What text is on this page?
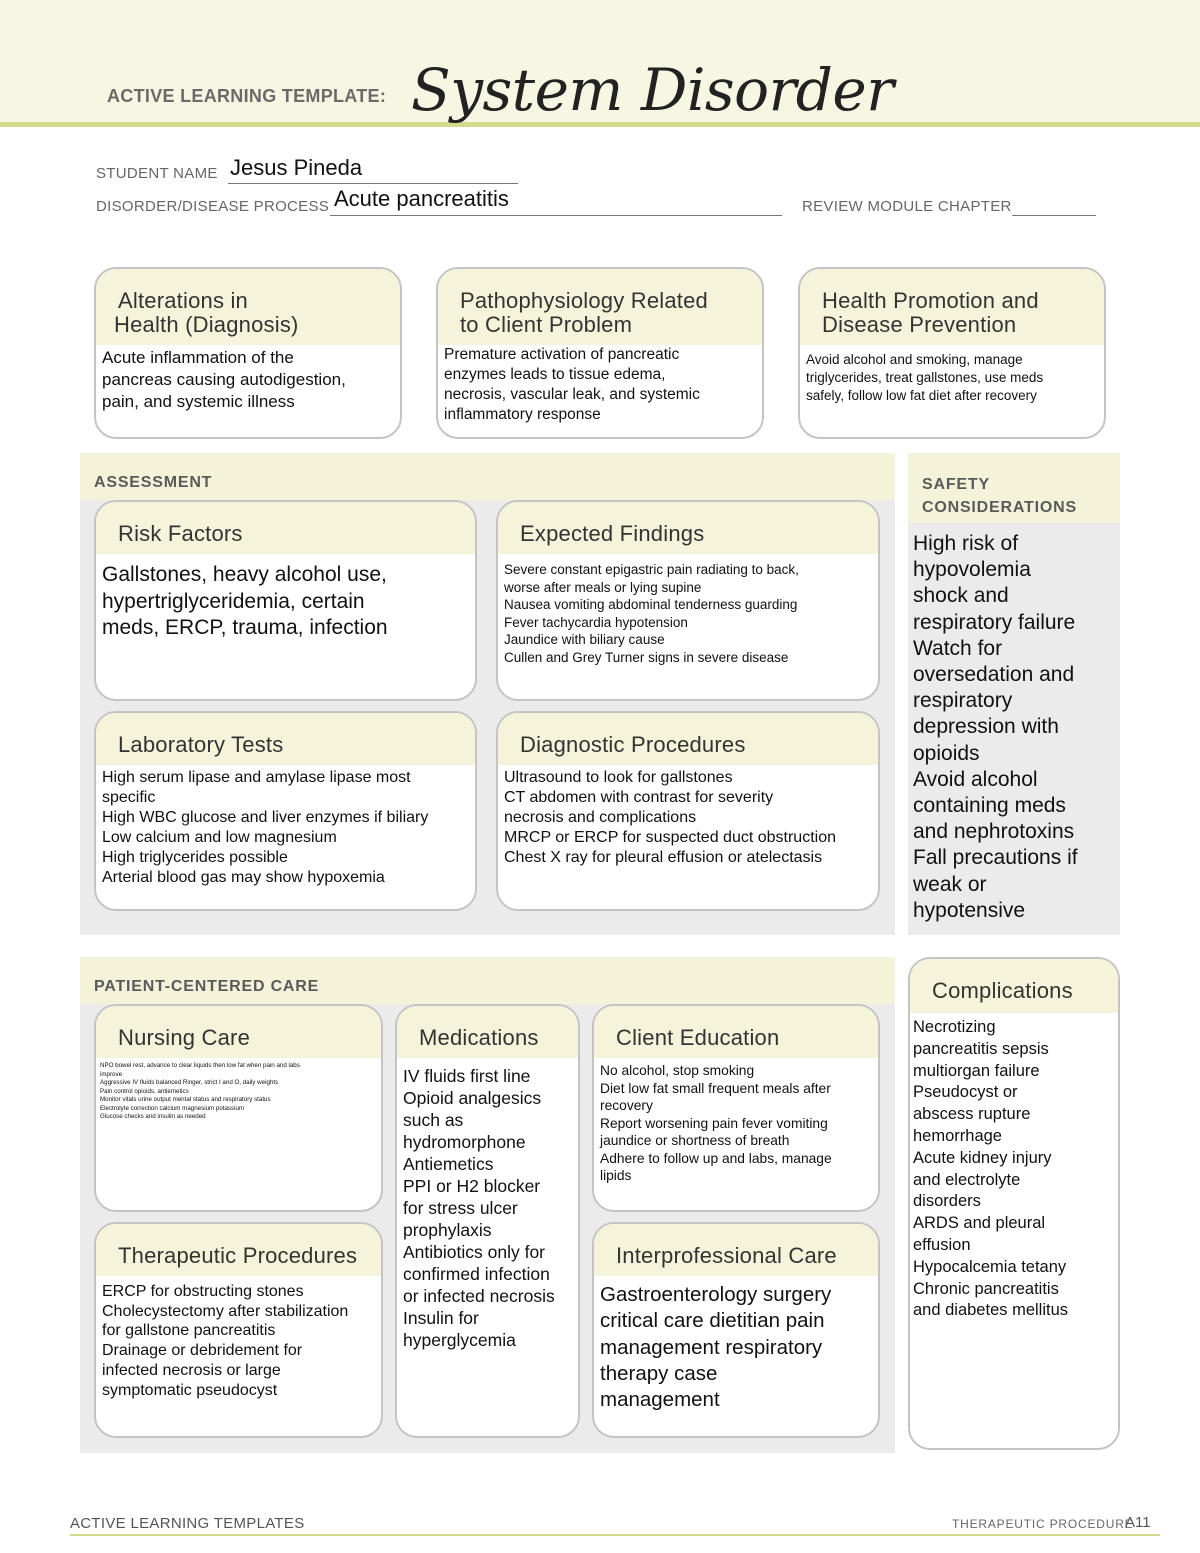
ACTIVE LEARNING TEMPLATE: System Disorder
STUDENT NAME Jesus Pineda
DISORDER/DISEASE PROCESS Acute pancreatitis	REVIEW MODULE CHAPTER
Alterations in
Health (Diagnosis)
Acute inflammation of the
pancreas causing autodigestion,
pain, and systemic illness
Pathophysiology Related
to Client Problem
Premature activation of pancreatic
enzymes leads to tissue edema,
necrosis, vascular leak, and systemic
inflammatory response
Health Promotion and
Disease Prevention
Avoid alcohol and smoking, manage
triglycerides, treat gallstones, use meds
safely, follow low fat diet after recovery
ASSESSMENT
Risk Factors
Gallstones, heavy alcohol use,
hypertriglyceridemia, certain
meds, ERCP, trauma, infection
Expected Findings
Severe constant epigastric pain radiating to back,
worse after meals or lying supine
Nausea vomiting abdominal tenderness guarding
Fever tachycardia hypotension
Jaundice with biliary cause
Cullen and Grey Turner signs in severe disease
Laboratory Tests
High serum lipase and amylase lipase most
specific
High WBC glucose and liver enzymes if biliary
Low calcium and low magnesium
High triglycerides possible
Arterial blood gas may show hypoxemia
Diagnostic Procedures
Ultrasound to look for gallstones
CT abdomen with contrast for severity
necrosis and complications
MRCP or ERCP for suspected duct obstruction
Chest X ray for pleural effusion or atelectasis
SAFETY
CONSIDERATIONS
High risk of
hypovolemia
shock and
respiratory failure
Watch for
oversedation and
respiratory
depression with
opioids
Avoid alcohol
containing meds
and nephrotoxins
Fall precautions if
weak or
hypotensive
Complications
Necrotizing
pancreatitis sepsis
multiorgan failure
Pseudocyst or
abscess rupture
hemorrhage
Acute kidney injury
and electrolyte
disorders
ARDS and pleural
effusion
Hypocalcemia tetany
Chronic pancreatitis
and diabetes mellitus
PATIENT-CENTERED CARE
Nursing Care
NPO bowel rest, advance to clear liquids then low fat when pain and labs
improve
Aggressive IV fluids balanced Ringer, strict I and O, daily weights
Pain control opioids, antiemetics
Monitor vitals urine output mental status and respiratory status
Electrolyte correction calcium magnesium potassium
Glucose checks and insulin as needed
Medications
IV fluids first line
Opioid analgesics
such as
hydromorphone
Antiemetics
PPI or H2 blocker
for stress ulcer
prophylaxis
Antibiotics only for
confirmed infection
or infected necrosis
Insulin for
hyperglycemia
Client Education
No alcohol, stop smoking
Diet low fat small frequent meals after
recovery
Report worsening pain fever vomiting
jaundice or shortness of breath
Adhere to follow up and labs, manage
lipids
Therapeutic Procedures
ERCP for obstructing stones
Cholecystectomy after stabilization
for gallstone pancreatitis
Drainage or debridement for
infected necrosis or large
symptomatic pseudocyst
Interprofessional Care
Gastroenterology surgery
critical care dietitian pain
management respiratory
therapy case
management
ACTIVE LEARNING TEMPLATES	THERAPEUTIC PROCEDURE
A11
